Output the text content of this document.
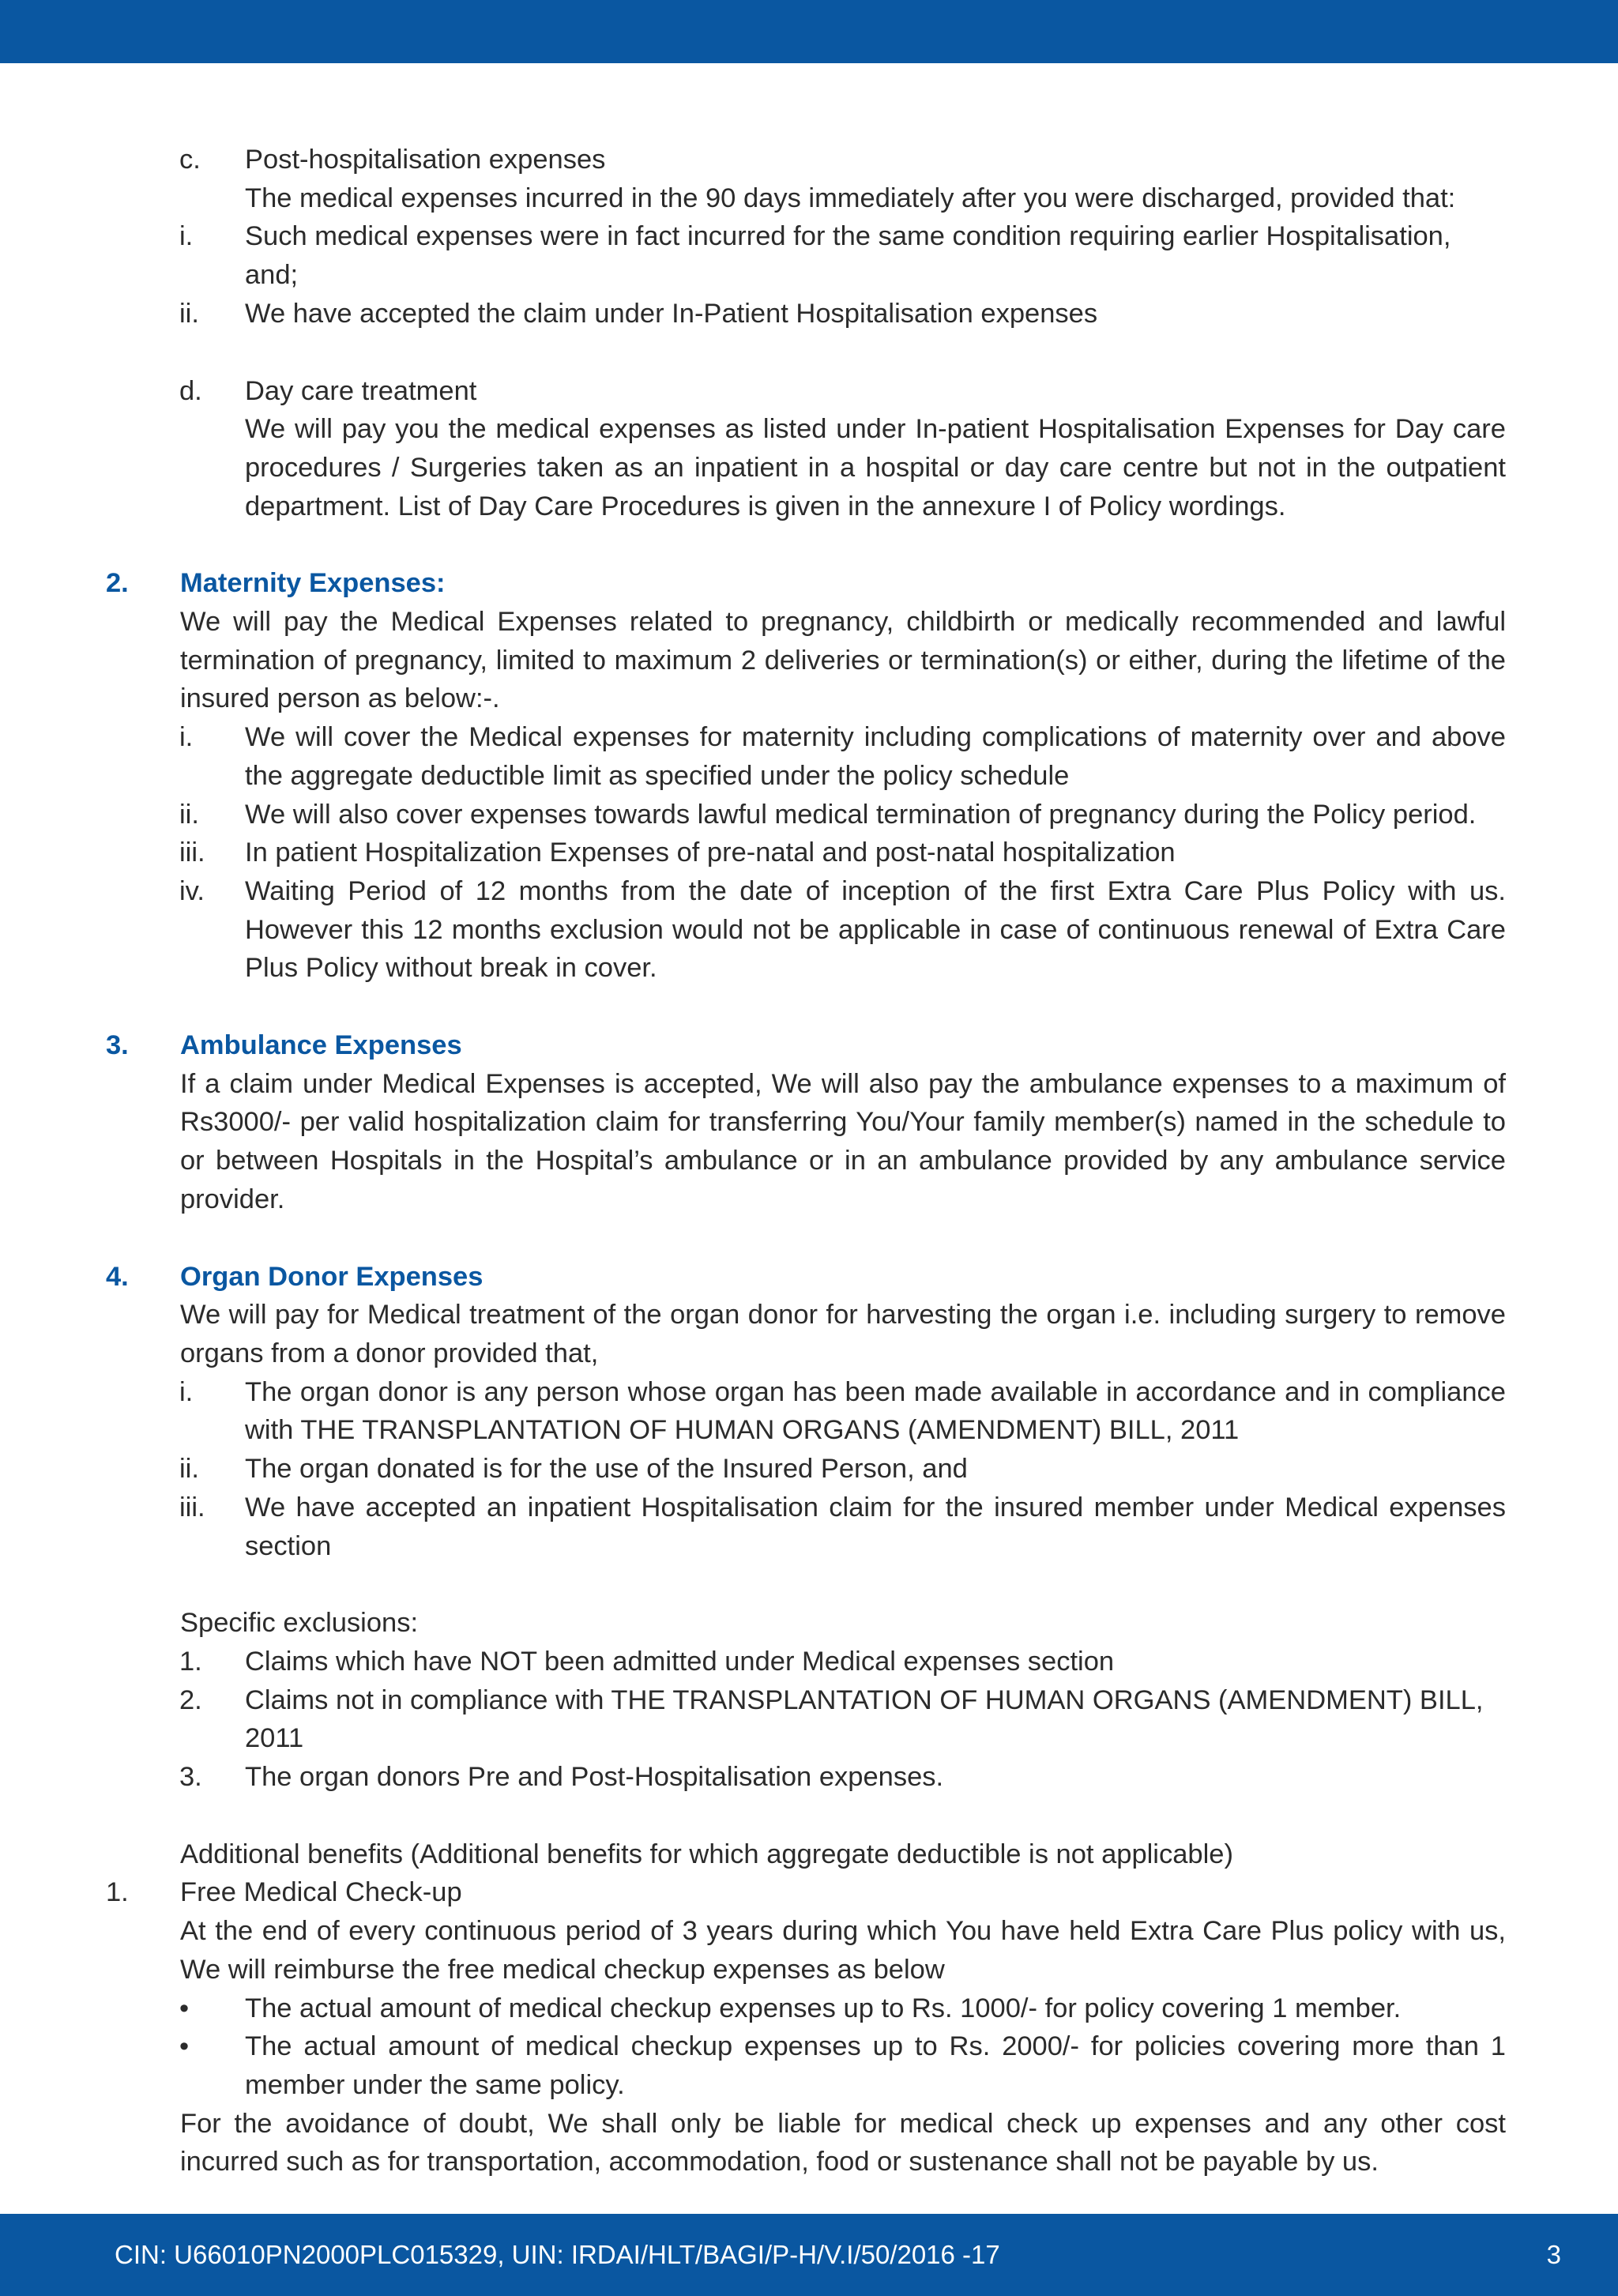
c. Post-hospitalisation expenses
The medical expenses incurred in the 90 days immediately after you were discharged, provided that:
i. Such medical expenses were in fact incurred for the same condition requiring earlier Hospitalisation, and;
ii. We have accepted the claim under In-Patient Hospitalisation expenses
d. Day care treatment
We will pay you the medical expenses as listed under In-patient Hospitalisation Expenses for Day care procedures / Surgeries taken as an inpatient in a hospital or day care centre but not in the outpatient department. List of Day Care Procedures is given in the annexure I of Policy wordings.
2. Maternity Expenses:
We will pay the Medical Expenses related to pregnancy, childbirth or medically recommended and lawful termination of pregnancy, limited to maximum 2 deliveries or termination(s) or either, during the lifetime of the insured person as below:-.
i. We will cover the Medical expenses for maternity including complications of maternity over and above the aggregate deductible limit as specified under the policy schedule
ii. We will also cover expenses towards lawful medical termination of pregnancy during the Policy period.
iii. In patient Hospitalization Expenses of pre-natal and post-natal hospitalization
iv. Waiting Period of 12 months from the date of inception of the first Extra Care Plus Policy with us. However this 12 months exclusion would not be applicable in case of continuous renewal of Extra Care Plus Policy without break in cover.
3. Ambulance Expenses
If a claim under Medical Expenses is accepted, We will also pay the ambulance expenses to a maximum of Rs3000/- per valid hospitalization claim for transferring You/Your family member(s) named in the schedule to or between Hospitals in the Hospital’s ambulance or in an ambulance provided by any ambulance service provider.
4. Organ Donor Expenses
We will pay for Medical treatment of the organ donor for harvesting the organ i.e. including surgery to remove organs from a donor provided that,
i. The organ donor is any person whose organ has been made available in accordance and in compliance with THE TRANSPLANTATION OF HUMAN ORGANS (AMENDMENT) BILL, 2011
ii. The organ donated is for the use of the Insured Person, and
iii. We have accepted an inpatient Hospitalisation claim for the insured member under Medical expenses section
Specific exclusions:
1. Claims which have NOT been admitted under Medical expenses section
2. Claims not in compliance with THE TRANSPLANTATION OF HUMAN ORGANS (AMENDMENT) BILL, 2011
3. The organ donors Pre and Post-Hospitalisation expenses.
Additional benefits (Additional benefits for which aggregate deductible is not applicable)
1. Free Medical Check-up
At the end of every continuous period of 3 years during which You have held Extra Care Plus policy with us, We will reimburse the free medical checkup expenses as below
• The actual amount of medical checkup expenses up to Rs. 1000/- for policy covering 1 member.
• The actual amount of medical checkup expenses up to Rs. 2000/- for policies covering more than 1 member under the same policy.
For the avoidance of doubt, We shall only be liable for medical check up expenses and any other cost incurred such as for transportation, accommodation, food or sustenance shall not be payable by us.
CIN: U66010PN2000PLC015329, UIN: IRDAI/HLT/BAGI/P-H/V.I/50/2016 -17	3
